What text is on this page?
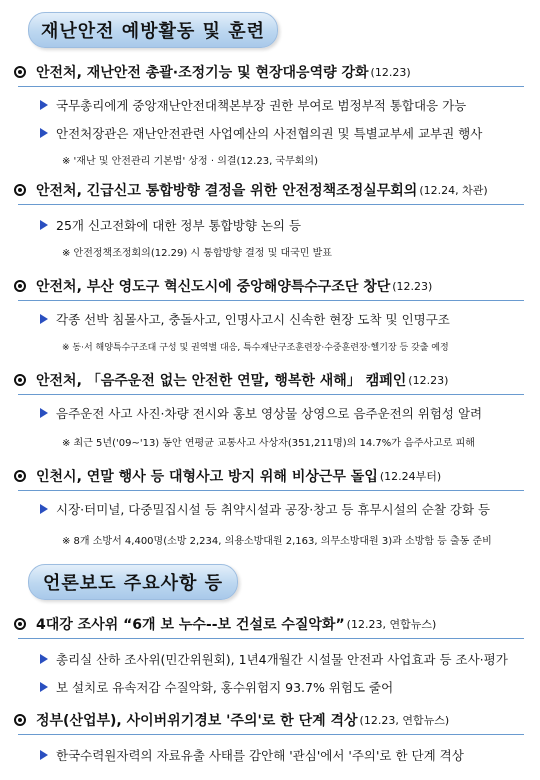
재난안전 예방활동 및 훈련
안전처, 재난안전 총괄·조정기능 및 현장대응역량 강화 (12.23)
국무총리에게 중앙재난안전대책본부장 권한 부여로 범정부적 통합대응 가능
안전처장관은 재난안전관련 사업예산의 사전협의권 및 특별교부세 교부권 행사
※ '재난 및 안전관리 기본법' 상정 · 의결(12.23, 국무회의)
안전처, 긴급신고 통합방향 결정을 위한 안전정책조정실무회의 (12.24, 차관)
25개 신고전화에 대한 정부 통합방향 논의 등
※ 안전정책조정회의(12.29) 시 통합방향 결정 및 대국민 발표
안전처, 부산 영도구 혁신도시에 중앙해양특수구조단 창단 (12.23)
각종 선박 침몰사고, 충돌사고, 인명사고시 신속한 현장 도착 및 인명구조
※ 동·서 해양특수구조대 구성 및 권역별 대응, 특수재난구조훈련장·수중훈련장·헬기장 등 갖출 예정
안전처, 「음주운전 없는 안전한 연말, 행복한 새해」 캠페인 (12.23)
음주운전 사고 사진·차량 전시와 홍보 영상물 상영으로 음주운전의 위험성 알려
※ 최근 5년('09~'13) 동안 연평균 교통사고 사상자(351,211명)의 14.7%가 음주사고로 피해
인천시, 연말 행사 등 대형사고 방지 위해 비상근무 돌입 (12.24부터)
시장·터미널, 다중밀집시설 등 취약시설과 공장·창고 등 휴무시설의 순찰 강화 등
※ 8개 소방서 4,400명(소방 2,234, 의용소방대원 2,163, 의무소방대원 3)과 소방함 등 출동 준비
언론보도 주요사항 등
4대강 조사위 “6개 보 누수--보 건설로 수질악화” (12.23, 연합뉴스)
총리실 산하 조사위(민간위원회), 1년4개월간 시설물 안전과 사업효과 등 조사·평가
보 설치로 유속저감 수질악화, 홍수위험지 93.7% 위험도 줄어
정부(산업부), 사이버위기경보 '주의'로 한 단계 격상 (12.23, 연합뉴스)
한국수력원자력의 자료유출 사태를 감안해 '관심'에서 '주의'로 한 단계 격상
